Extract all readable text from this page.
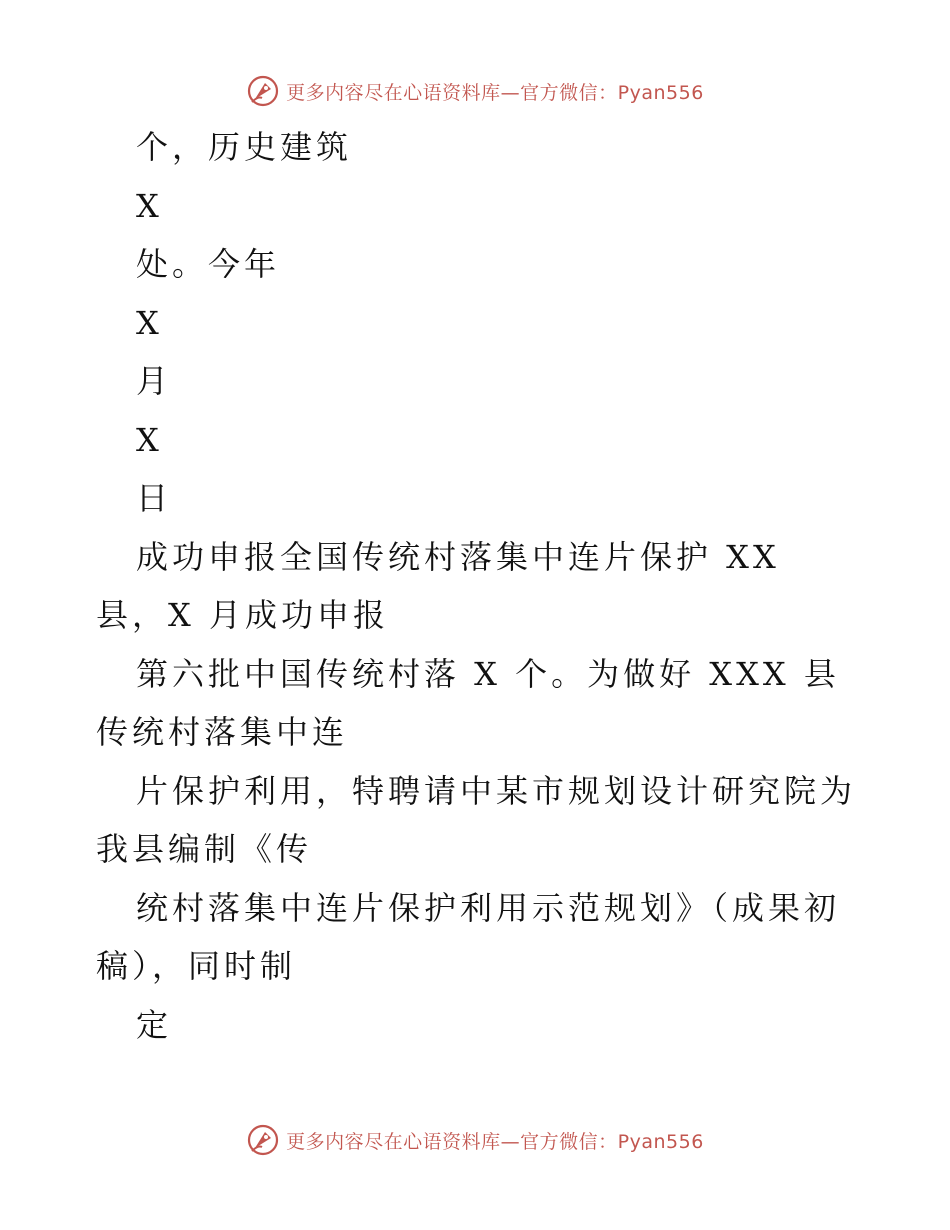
更多内容尽在心语资料库—官方微信：Pyan556

个，历史建筑

X

处。今年

X

月

X

日

成功申报全国传统村落集中连片保护 XX 县，X 月成功申报

第六批中国传统村落 X 个。为做好 XXX 县传统村落集中连

片保护利用，特聘请中某市规划设计研究院为我县编制《传

统村落集中连片保护利用示范规划》（成果初稿），同时制

定

更多内容尽在心语资料库—官方微信：Pyan556
